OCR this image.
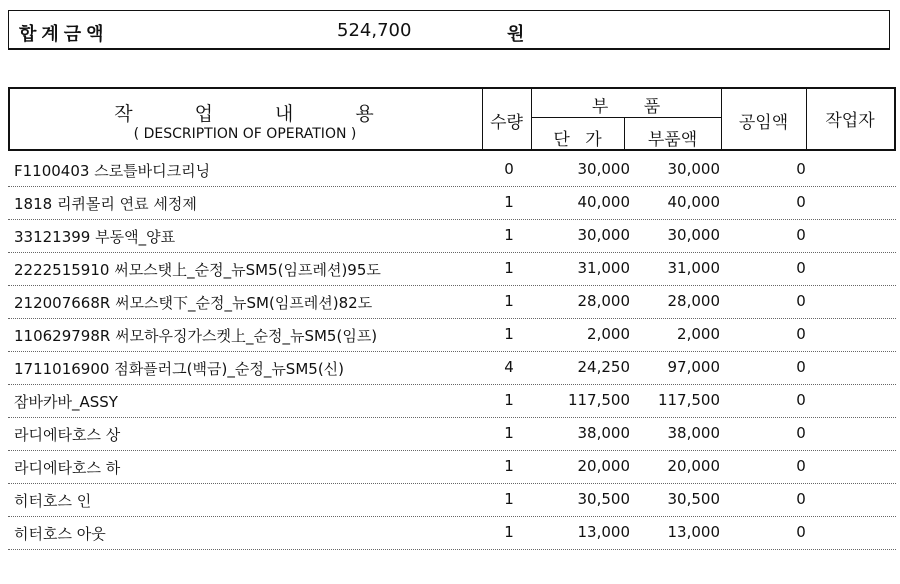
합계금액	524,700	원
작 업 내 용
( DESCRIPTION OF OPERATION )
수량
부 품
단 가	부품액
공임액	작업자
F1100403 스로틀바디크리닝	0	30,000	30,000	0
1818 리퀴몰리 연료 세정제	1	40,000	40,000	0
33121399 부동액_양표	1	30,000	30,000	0
2222515910 써모스탯上_순정_뉴SM5(임프레션)95도	1	31,000	31,000	0
212007668R 써모스탯下_순정_뉴SM(임프레션)82도	1	28,000	28,000	0
110629798R 써모하우징가스켓上_순정_뉴SM5(임프)	1	2,000	2,000	0
1711016900 점화플러그(백금)_순정_뉴SM5(신)	4	24,250	97,000	0
잠바카바_ASSY	1	117,500	117,500	0
라디에타호스 상	1	38,000	38,000	0
라디에타호스 하	1	20,000	20,000	0
히터호스 인	1	30,500	30,500	0
히터호스 아웃	1	13,000	13,000	0
